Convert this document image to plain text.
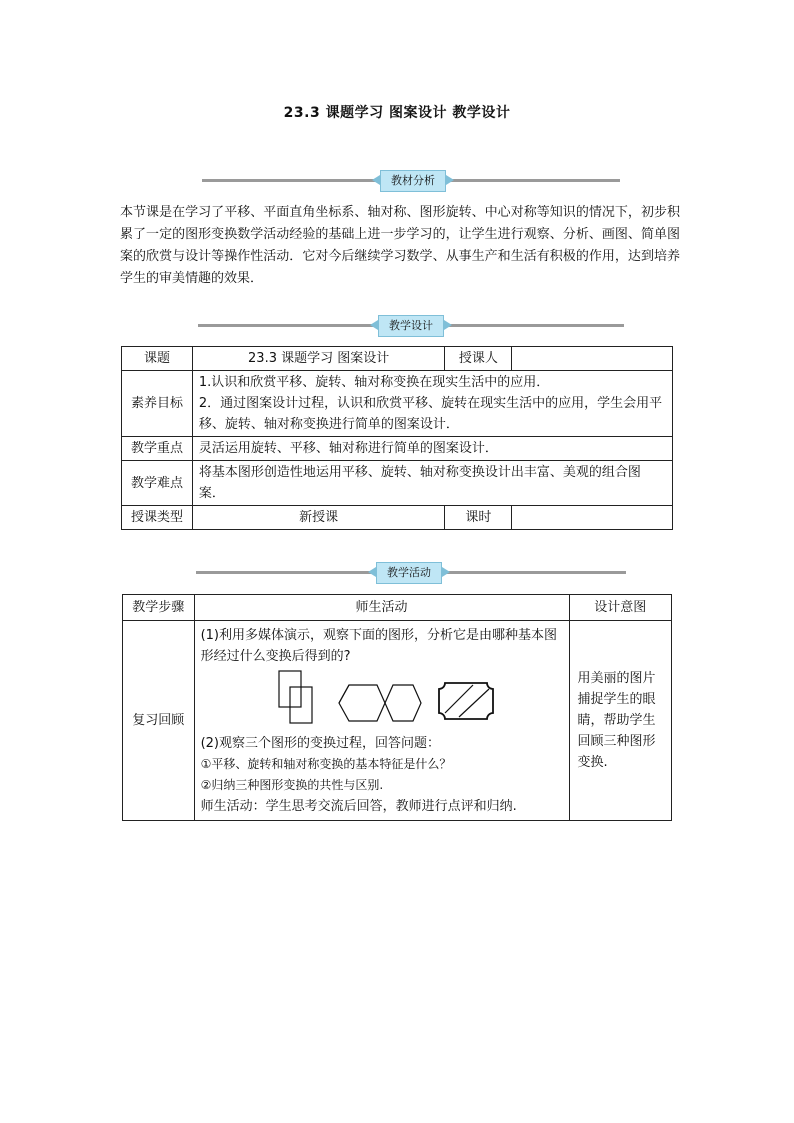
23.3 课题学习 图案设计 教学设计
教材分析
本节课是在学习了平移、平面直角坐标系、轴对称、图形旋转、中心对称等知识的情况下，初步积累了一定的图形变换数学活动经验的基础上进一步学习的，让学生进行观察、分析、画图、简单图案的欣赏与设计等操作性活动．它对今后继续学习数学、从事生产和生活有积极的作用，达到培养学生的审美情趣的效果．
教学设计
课题	23.3 课题学习 图案设计	授课人	
素养目标	1.认识和欣赏平移、旋转、轴对称变换在现实生活中的应用．
2．通过图案设计过程，认识和欣赏平移、旋转在现实生活中的应用，学生会用平移、旋转、轴对称变换进行简单的图案设计．		

教学重点	灵活运用旋转、平移、轴对称进行简单的图案设计．		
教学难点	将基本图形创造性地运用平移、旋转、轴对称变换设计出丰富、美观的组合图案．		
授课类型	新授课	课时	
教学活动
教学步骤	师生活动	设计意图
复习回顾	(1)利用多媒体演示，观察下面的图形，分析它是由哪种基本图形经过什么变换后得到的?
(2)观察三个图形的变换过程，回答问题：
①平移、旋转和轴对称变换的基本特征是什么？
②归纳三种图形变换的共性与区别.
师生活动：学生思考交流后回答，教师进行点评和归纳.	用美丽的图片捕捉学生的眼睛，帮助学生回顾三种图形变换.
